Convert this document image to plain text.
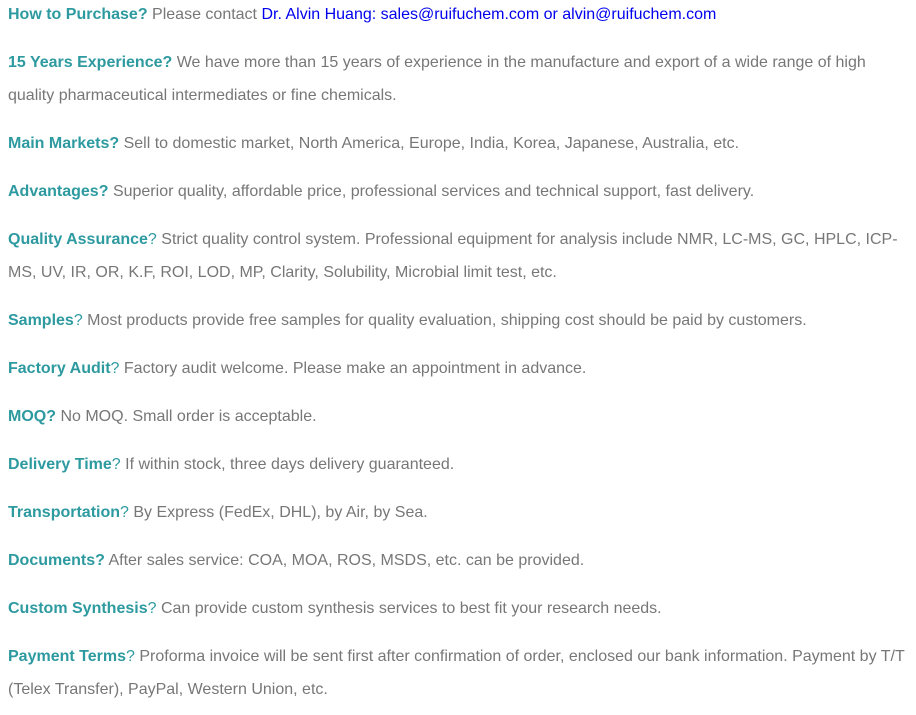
How to Purchase? Please contact Dr. Alvin Huang: sales@ruifuchem.com or alvin@ruifuchem.com

15 Years Experience? We have more than 15 years of experience in the manufacture and export of a wide range of high quality pharmaceutical intermediates or fine chemicals.

Main Markets? Sell to domestic market, North America, Europe, India, Korea, Japanese, Australia, etc.

Advantages? Superior quality, affordable price, professional services and technical support, fast delivery.

Quality Assurance? Strict quality control system. Professional equipment for analysis include NMR, LC-MS, GC, HPLC, ICP-MS, UV, IR, OR, K.F, ROI, LOD, MP, Clarity, Solubility, Microbial limit test, etc.

Samples? Most products provide free samples for quality evaluation, shipping cost should be paid by customers.

Factory Audit? Factory audit welcome. Please make an appointment in advance.

MOQ? No MOQ. Small order is acceptable.

Delivery Time? If within stock, three days delivery guaranteed.

Transportation? By Express (FedEx, DHL), by Air, by Sea.

Documents? After sales service: COA, MOA, ROS, MSDS, etc. can be provided.

Custom Synthesis? Can provide custom synthesis services to best fit your research needs.

Payment Terms? Proforma invoice will be sent first after confirmation of order, enclosed our bank information. Payment by T/T (Telex Transfer), PayPal, Western Union, etc.
